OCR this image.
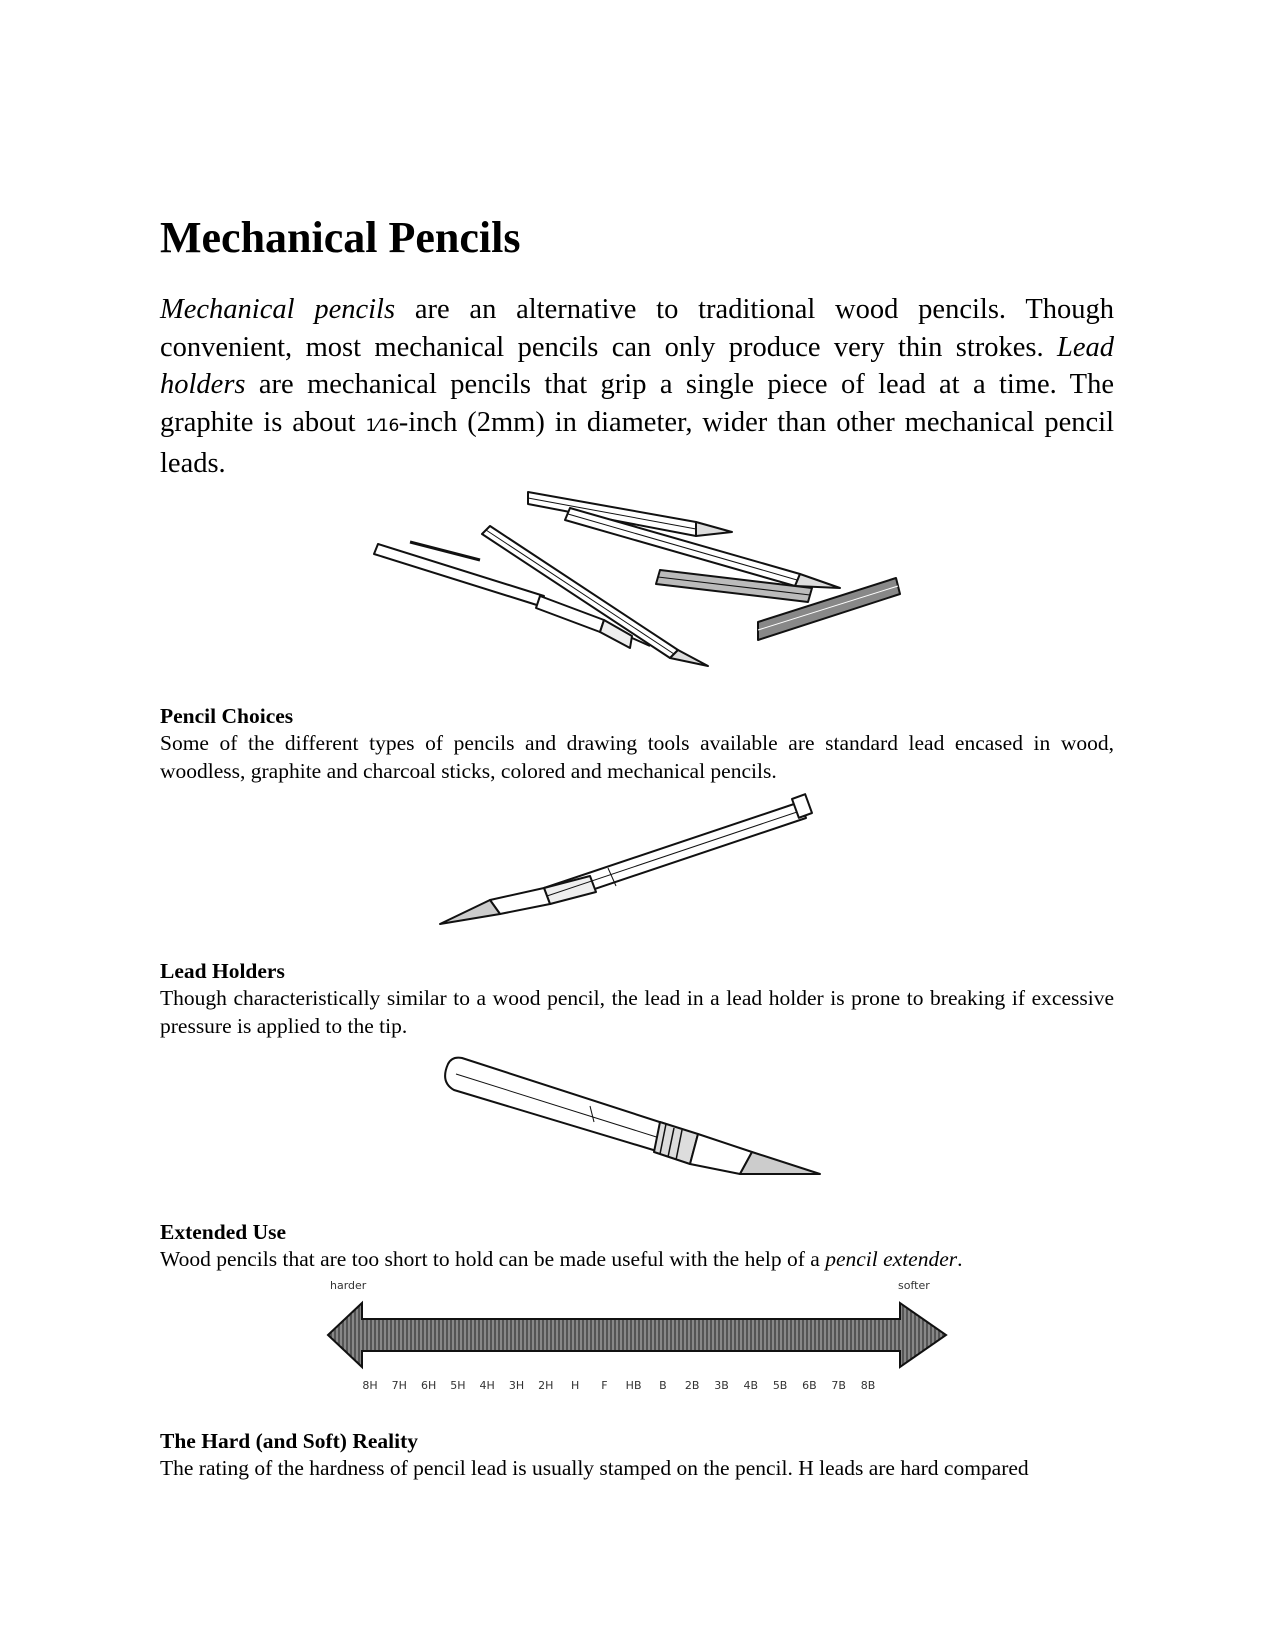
Mechanical Pencils

Mechanical pencils are an alternative to traditional wood pencils. Though convenient, most mechanical pencils can only produce very thin strokes. Lead holders are mechanical pencils that grip a single piece of lead at a time. The graphite is about 1⁄16-inch (2mm) in diameter, wider than other mechanical pencil leads.

Pencil Choices

Some of the different types of pencils and drawing tools available are standard lead encased in wood, woodless, graphite and charcoal sticks, colored and mechanical pencils.

Lead Holders

Though characteristically similar to a wood pencil, the lead in a lead holder is prone to breaking if excessive pressure is applied to the tip.

Extended Use

Wood pencils that are too short to hold can be made useful with the help of a pencil extender.

harder	softer
8H 7H 6H 5H 4H 3H 2H H F HB B 2B 3B 4B 5B 6B 7B 8B
The Hard (and Soft) Reality

The rating of the hardness of pencil lead is usually stamped on the pencil. H leads are hard compared
